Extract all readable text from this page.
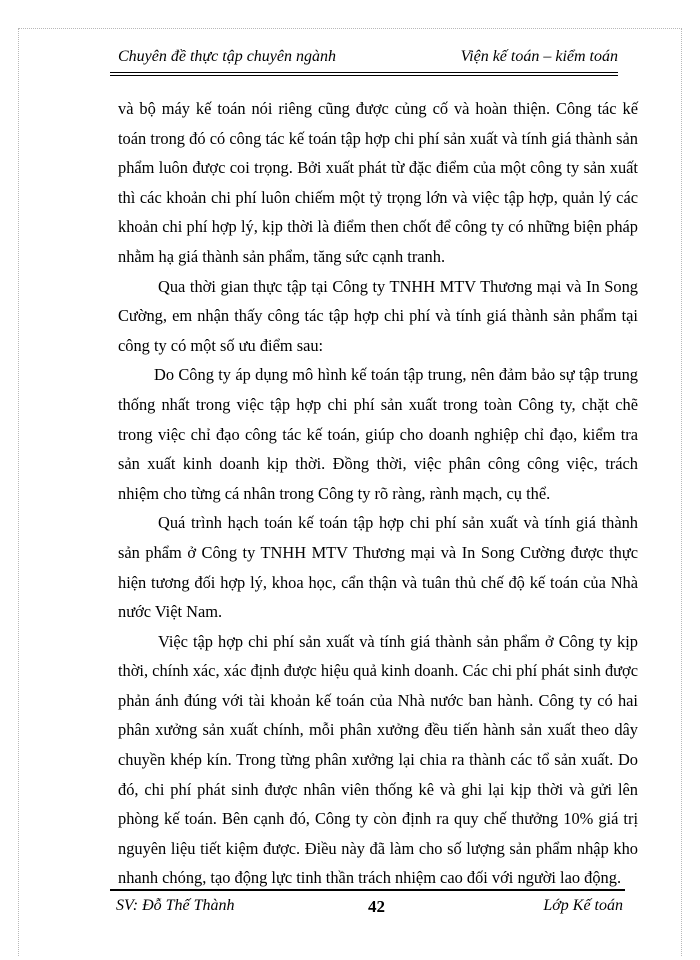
Chuyên đề thực tập chuyên ngành	Viện kế toán – kiểm toán

và bộ máy kế toán nói riêng cũng được củng cố và hoàn thiện. Công tác kế toán trong đó có công tác kế toán tập hợp chi phí sản xuất và tính giá thành sản phẩm luôn được coi trọng. Bởi xuất phát từ đặc điểm của một công ty sản xuất thì các khoản chi phí luôn chiếm một tỷ trọng lớn và việc tập hợp, quản lý các khoản chi phí hợp lý, kịp thời là điểm then chốt để công ty có những biện pháp nhằm hạ giá thành sản phẩm, tăng sức cạnh tranh.

Qua thời gian thực tập tại Công ty TNHH MTV Thương mại và In Song Cường, em nhận thấy công tác tập hợp chi phí và tính giá thành sản phẩm tại công ty có một số ưu điểm sau:

Do Công ty áp dụng mô hình kế toán tập trung, nên đảm bảo sự tập trung thống nhất trong việc tập hợp chi phí sản xuất trong toàn Công ty, chặt chẽ trong việc chỉ đạo công tác kế toán, giúp cho doanh nghiệp chỉ đạo, kiểm tra sản xuất kinh doanh kịp thời. Đồng thời, việc phân công công việc, trách nhiệm cho từng cá nhân trong Công ty rõ ràng, rành mạch, cụ thể.

Quá trình hạch toán kế toán tập hợp chi phí sản xuất và tính giá thành sản phẩm ở Công ty TNHH MTV Thương mại và In Song Cường được thực hiện tương đối hợp lý, khoa học, cẩn thận và tuân thủ chế độ kế toán của Nhà nước Việt Nam.

Việc tập hợp chi phí sản xuất và tính giá thành sản phẩm ở Công ty kịp thời, chính xác, xác định được hiệu quả kinh doanh. Các chi phí phát sinh được phản ánh đúng với tài khoản kế toán của Nhà nước ban hành. Công ty có hai phân xưởng sản xuất chính, mỗi phân xưởng đều tiến hành sản xuất theo dây chuyền khép kín. Trong từng phân xưởng lại chia ra thành các tổ sản xuất. Do đó, chi phí phát sinh được nhân viên thống kê và ghi lại kịp thời và gửi lên phòng kế toán. Bên cạnh đó, Công ty còn định ra quy chế thưởng 10% giá trị nguyên liệu tiết kiệm được. Điều này đã làm cho số lượng sản phẩm nhập kho nhanh chóng, tạo động lực tinh thần trách nhiệm cao đối với người lao động.

SV: Đỗ Thế Thành	42	Lớp Kế toán
